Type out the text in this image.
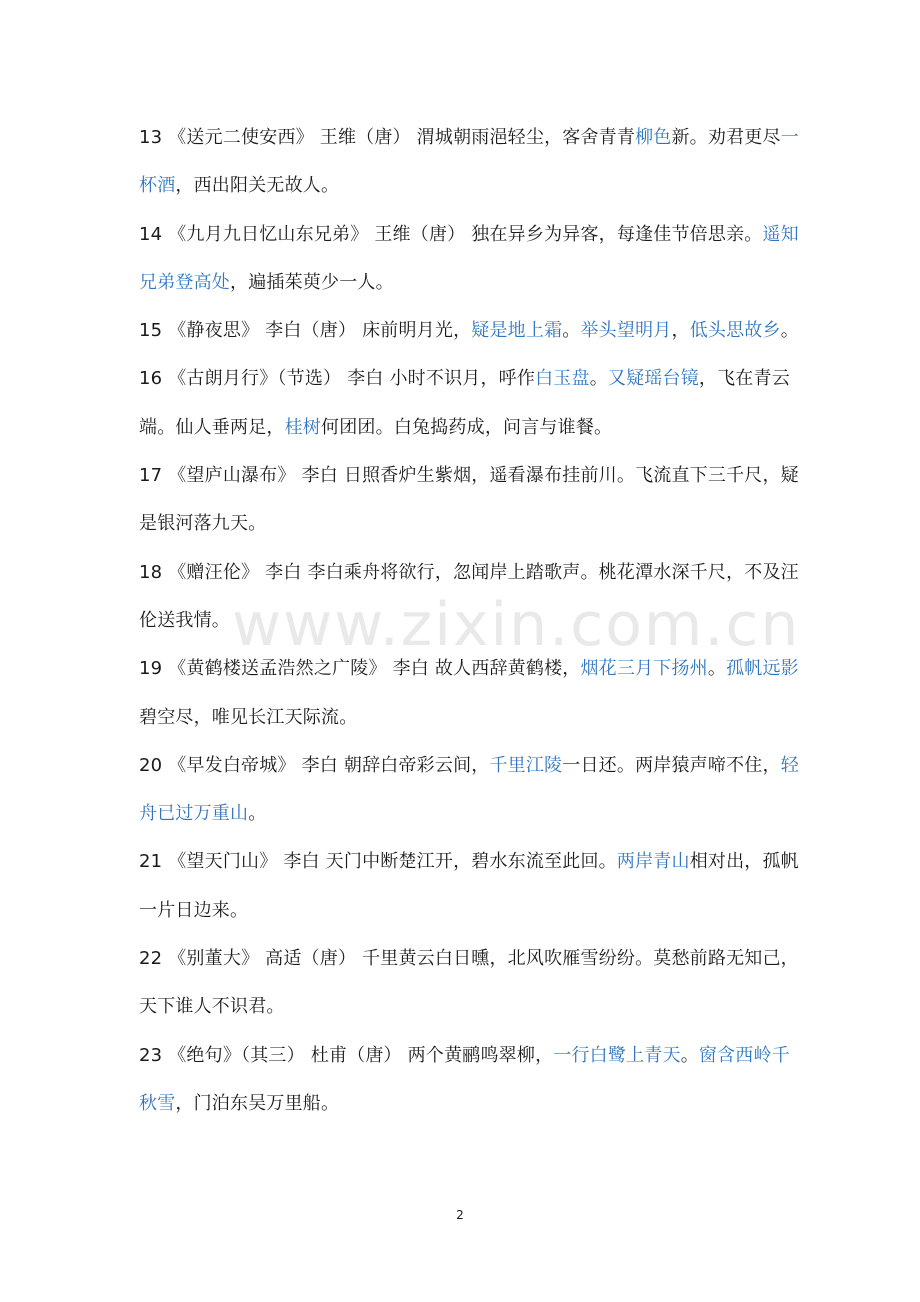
www.zixin.com.cn

13 《送元二使安西》 王维（唐） 渭城朝雨浥轻尘，客舍青青柳色新。劝君更尽一杯酒，西出阳关无故人。

14 《九月九日忆山东兄弟》 王维（唐） 独在异乡为异客，每逢佳节倍思亲。遥知兄弟登高处，遍插茱萸少一人。

15 《静夜思》 李白（唐） 床前明月光，疑是地上霜。举头望明月，低头思故乡。

16 《古朗月行》（节选） 李白 小时不识月，呼作白玉盘。又疑瑶台镜，飞在青云端。仙人垂两足，桂树何团团。白兔捣药成，问言与谁餐。

17 《望庐山瀑布》 李白 日照香炉生紫烟，遥看瀑布挂前川。飞流直下三千尺，疑是银河落九天。

18 《赠汪伦》 李白 李白乘舟将欲行，忽闻岸上踏歌声。桃花潭水深千尺，不及汪伦送我情。

19 《黄鹤楼送孟浩然之广陵》 李白 故人西辞黄鹤楼，烟花三月下扬州。孤帆远影碧空尽，唯见长江天际流。

20 《早发白帝城》 李白 朝辞白帝彩云间，千里江陵一日还。两岸猿声啼不住，轻舟已过万重山。

21 《望天门山》 李白 天门中断楚江开，碧水东流至此回。两岸青山相对出，孤帆一片日边来。

22 《别董大》 高适（唐） 千里黄云白日曛，北风吹雁雪纷纷。莫愁前路无知己，天下谁人不识君。

23 《绝句》（其三） 杜甫（唐） 两个黄鹂鸣翠柳，一行白鹭上青天。窗含西岭千秋雪，门泊东吴万里船。

2
